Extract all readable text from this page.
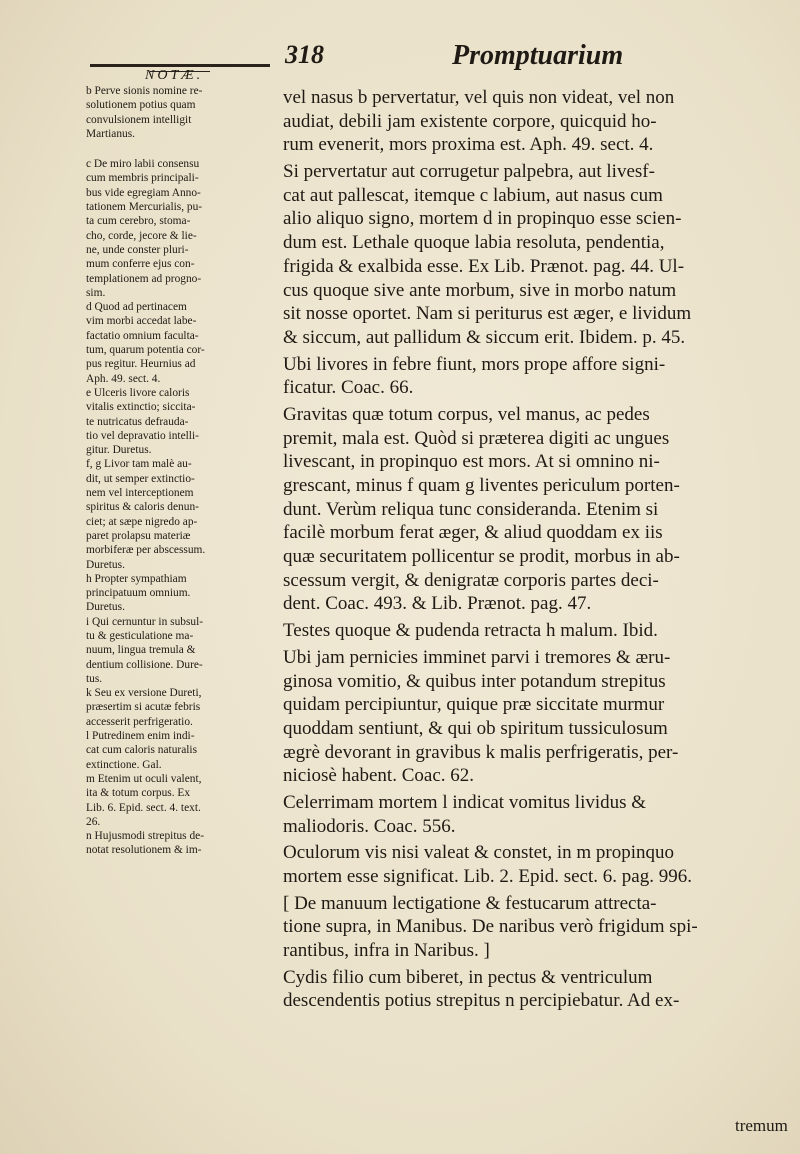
NOTÆ.
318	Promptuarium
b Perve sionis nomine re-
solutionem potius quam
convulsionem intelligit
Martianus.
c De miro labii consensu
cum membris principali-
bus vide egregiam Anno-
tationem Mercurialis, pu-
ta cum cerebro, stoma-
cho, corde, jecore & lie-
ne, unde conster pluri-
mum conferre ejus con-
templationem ad progno-
sim.
d Quod ad pertinacem
vim morbi accedat labe-
factatio omnium faculta-
tum, quarum potentia cor-
pus regitur. Heurnius ad
Aph. 49. sect. 4.
e Ulceris livore caloris
vitalis extinctio; siccita-
te nutricatus defrauda-
tio vel depravatio intelli-
gitur. Duretus.
f, g Livor tam malè au-
dit, ut semper extinctio-
nem vel interceptionem
spiritus & caloris denun-
ciet; at sæpe nigredo ap-
paret prolapsu materiæ
morbiferæ per abscessum.
Duretus.
h Propter sympathiam
principatuum omnium.
Duretus.
i Qui cernuntur in subsul-
tu & gesticulatione ma-
nuum, lingua tremula &
dentium collisione. Dure-
tus.
k Seu ex versione Dureti,
præsertim si acutæ febris
accesserit perfrigeratio.
l Putredinem enim indi-
cat cum caloris naturalis
extinctione. Gal.
m Etenim ut oculi valent,
ita & totum corpus. Ex
Lib. 6. Epid. sect. 4. text.
26.
n Hujusmodi strepitus de-
notat resolutionem & im-
vel nasus b pervertatur, vel quis non videat, vel non
audiat, debili jam existente corpore, quicquid ho-
rum evenerit, mors proxima est. Aph. 49. sect. 4.
Si pervertatur aut corrugetur palpebra, aut livesf-
cat aut pallescat, itemque c labium, aut nasus cum
alio aliquo signo, mortem d in propinquo esse scien-
dum est. Lethale quoque labia resoluta, pendentia,
frigida & exalbida esse. Ex Lib. Prænot. pag. 44. Ul-
cus quoque sive ante morbum, sive in morbo natum
sit nosse oportet. Nam si periturus est æger, e lividum
& siccum, aut pallidum & siccum erit. Ibidem. p. 45.
Ubi livores in febre fiunt, mors prope affore signi-
ficatur. Coac. 66.
Gravitas quæ totum corpus, vel manus, ac pedes
premit, mala est. Quòd si præterea digiti ac ungues
livescant, in propinquo est mors. At si omnino ni-
grescant, minus f quam g liventes periculum porten-
dunt. Verùm reliqua tunc consideranda. Etenim si
facilè morbum ferat æger, & aliud quoddam ex iis
quæ securitatem pollicentur se prodit, morbus in ab-
scessum vergit, & denigratæ corporis partes deci-
dent. Coac. 493. & Lib. Prænot. pag. 47.
Testes quoque & pudenda retracta h malum. Ibid.
Ubi jam pernicies imminet parvi i tremores & æru-
ginosa vomitio, & quibus inter potandum strepitus
quidam percipiuntur, quique præ siccitate murmur
quoddam sentiunt, & qui ob spiritum tussiculosum
ægrè devorant in gravibus k malis perfrigeratis, per-
niciosè habent. Coac. 62.
Celerrimam mortem l indicat vomitus lividus &
maliodoris. Coac. 556.
Oculorum vis nisi valeat & constet, in m propinquo
mortem esse significat. Lib. 2. Epid. sect. 6. pag. 996.
[ De manuum lectigatione & festucarum attrecta-
tione supra, in Manibus. De naribus verò frigidum spi-
rantibus, infra in Naribus. ]
Cydis filio cum biberet, in pectus & ventriculum
descendentis potius strepitus n percipiebatur. Ad ex-
tremum
